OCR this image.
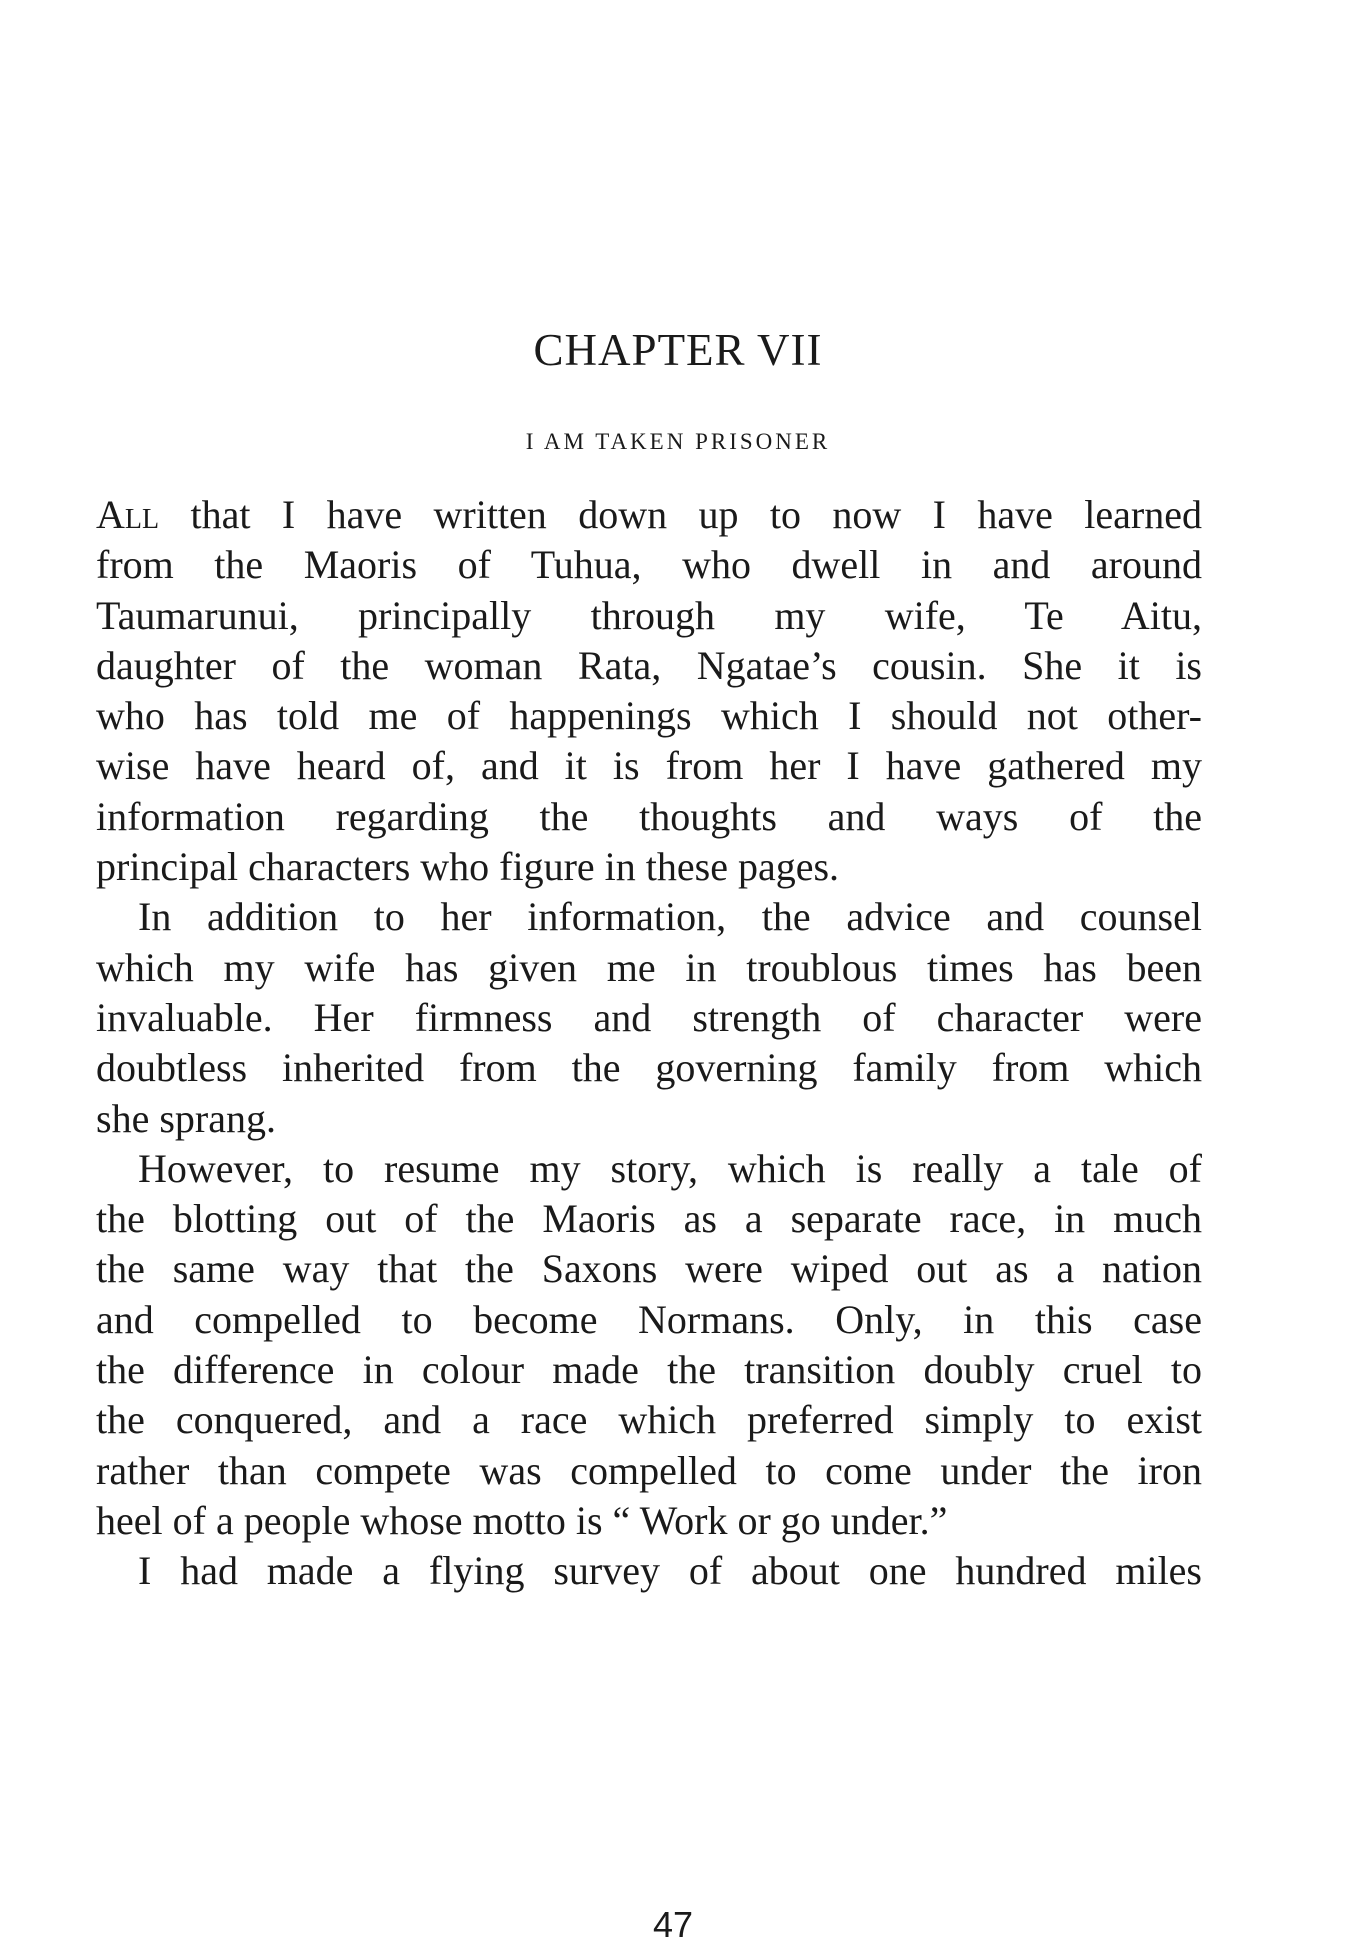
CHAPTER VII
I AM TAKEN PRISONER
All that I have written down up to now I have learned
from the Maoris of Tuhua, who dwell in and around
Taumarunui, principally through my wife, Te Aitu,
daughter of the woman Rata, Ngatae’s cousin. She it is
who has told me of happenings which I should not other-
wise have heard of, and it is from her I have gathered my
information regarding the thoughts and ways of the
principal characters who figure in these pages.
In addition to her information, the advice and counsel
which my wife has given me in troublous times has been
invaluable. Her firmness and strength of character were
doubtless inherited from the governing family from which
she sprang.
However, to resume my story, which is really a tale of
the blotting out of the Maoris as a separate race, in much
the same way that the Saxons were wiped out as a nation
and compelled to become Normans. Only, in this case
the difference in colour made the transition doubly cruel to
the conquered, and a race which preferred simply to exist
rather than compete was compelled to come under the iron
heel of a people whose motto is “ Work or go under.”
I had made a flying survey of about one hundred miles
47
